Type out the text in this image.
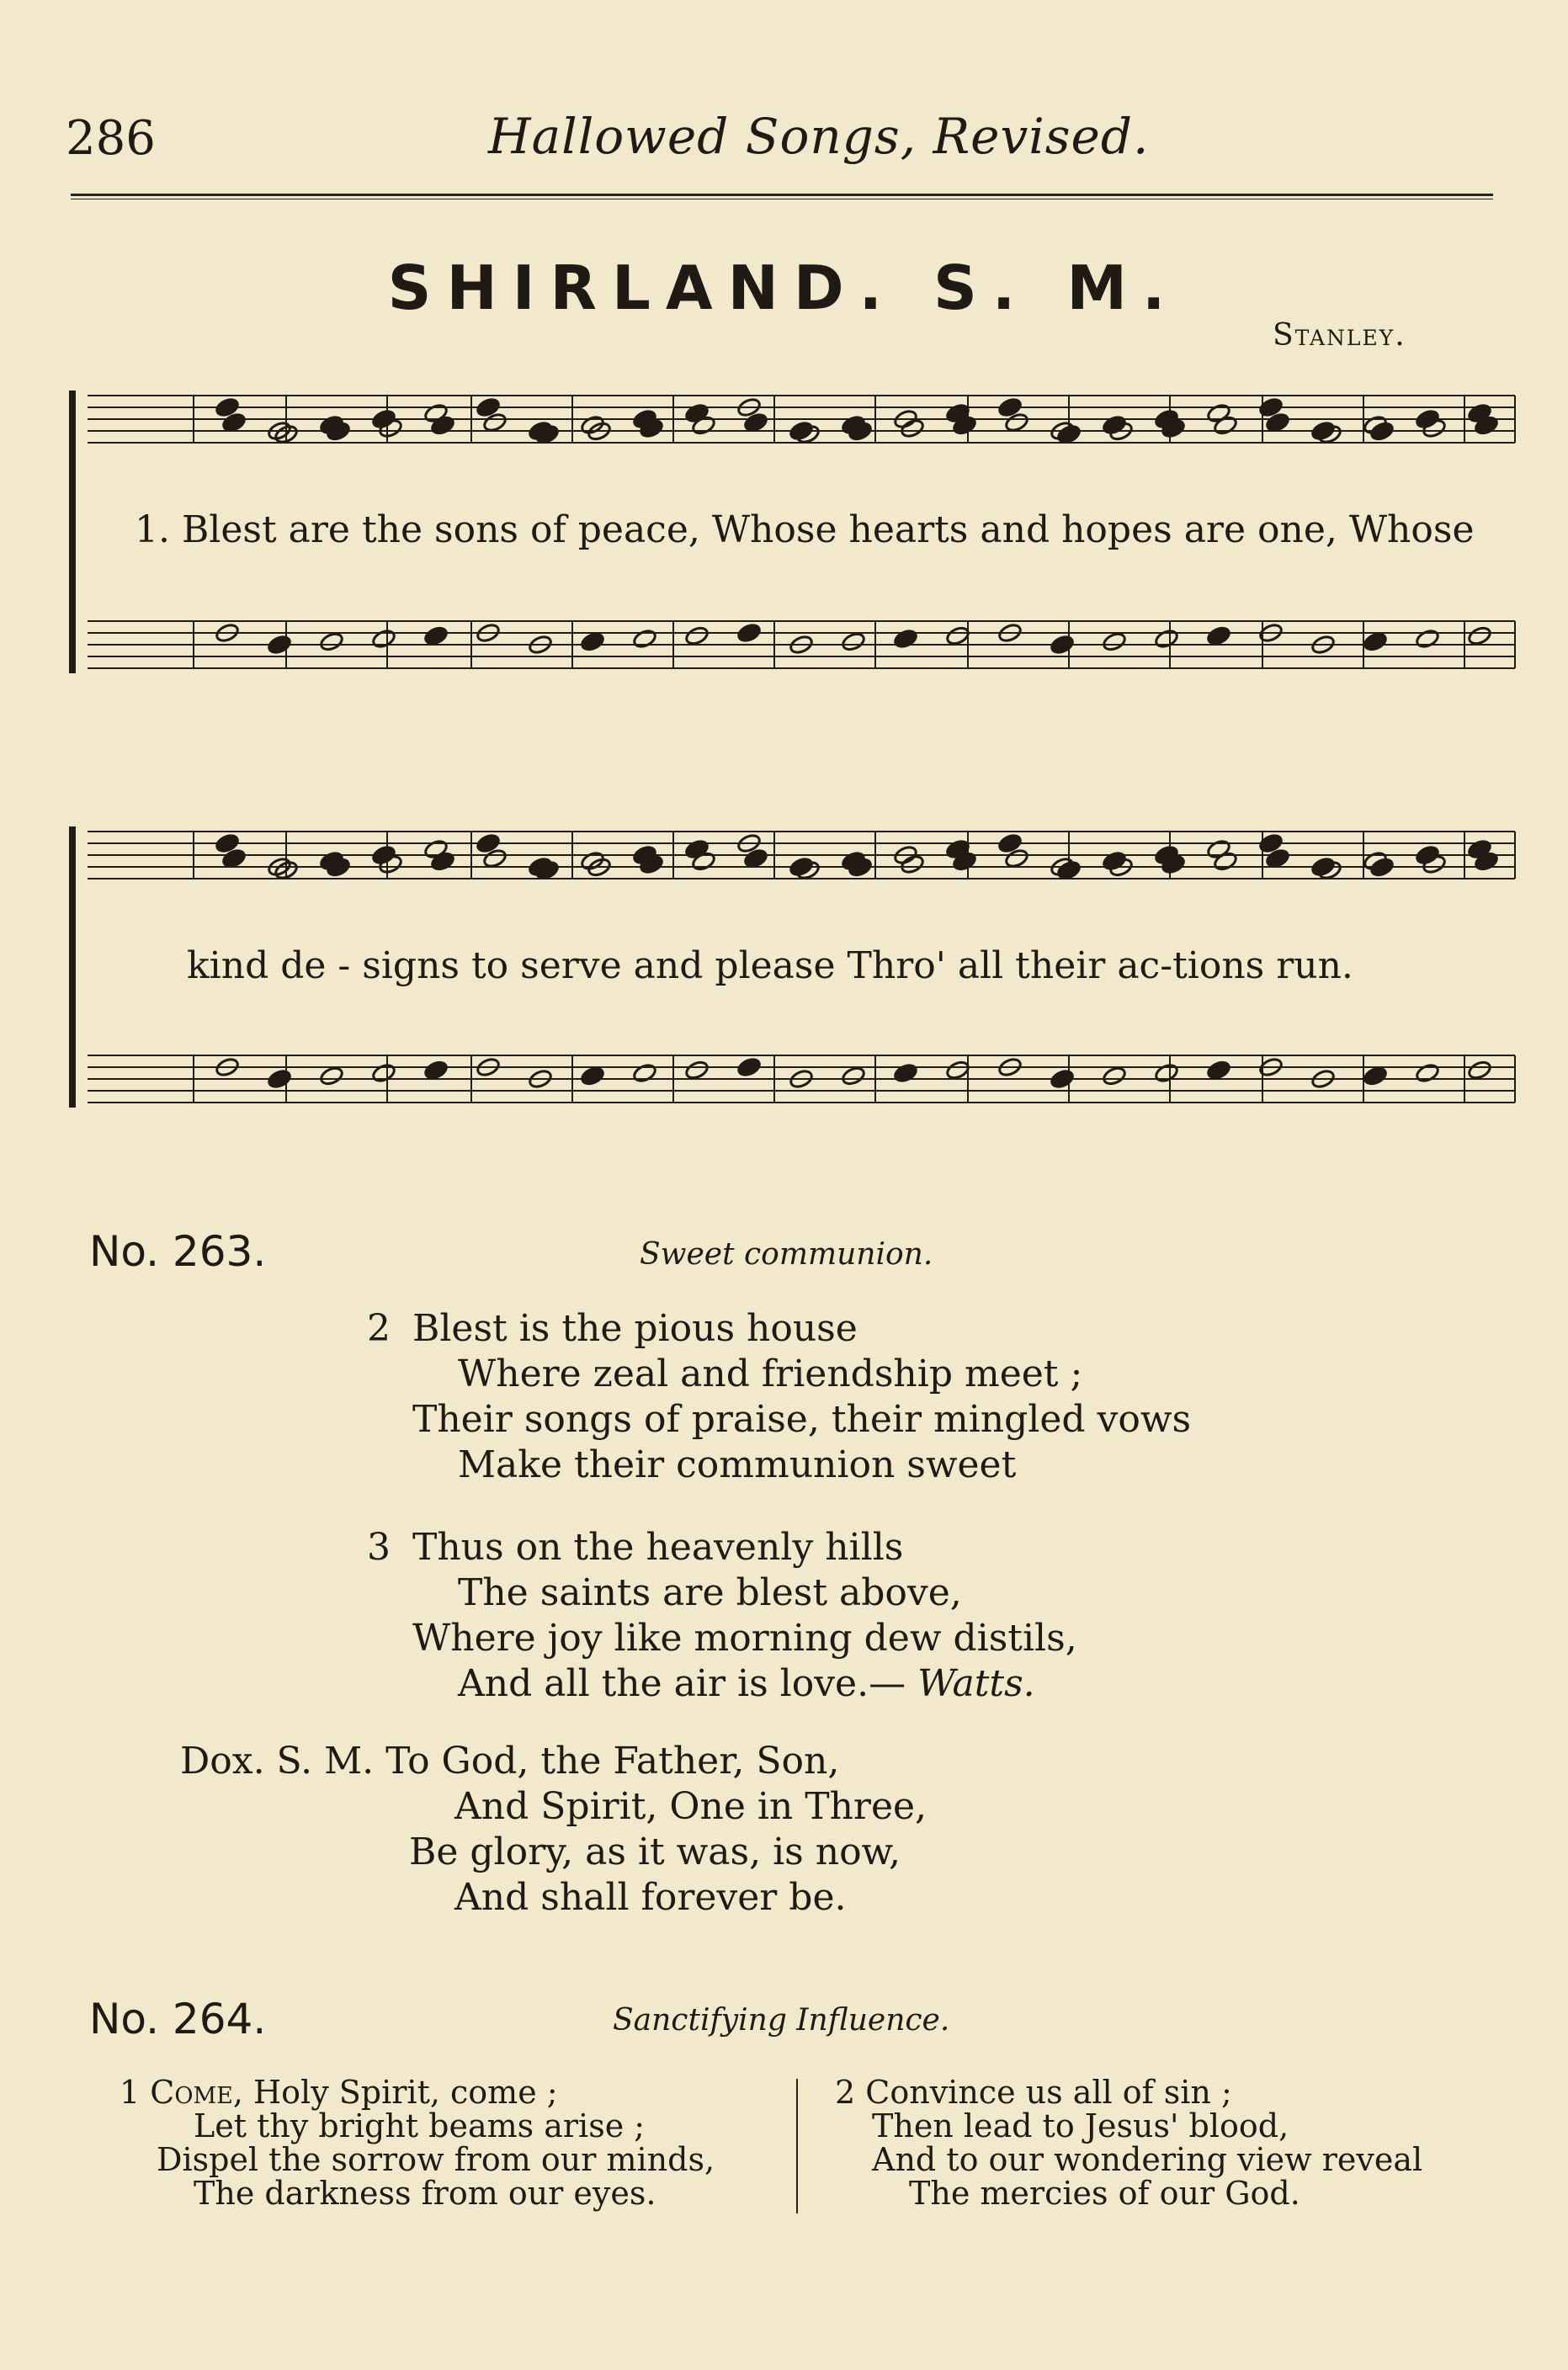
286	Hallowed Songs, Revised.
SHIRLAND. S. M.
Stanley.
1. Blest are the sons of peace, Whose hearts and hopes are one, Whose
kind de - signs to serve and please Thro' all their ac-tions run.
No. 263.	Sweet communion.
2 Blest is the pious house
Where zeal and friendship meet ;
Their songs of praise, their mingled vows
Make their communion sweet
3 Thus on the heavenly hills
The saints are blest above,
Where joy like morning dew distils,
And all the air is love.— Watts.
Dox. S. M. To God, the Father, Son,
And Spirit, One in Three,
Be glory, as it was, is now,
And shall forever be.
No. 264.	Sanctifying Influence.
1 Come, Holy Spirit, come ;
Let thy bright beams arise ;
Dispel the sorrow from our minds,
The darkness from our eyes.
2 Convince us all of sin ;
Then lead to Jesus' blood,
And to our wondering view reveal
The mercies of our God.
